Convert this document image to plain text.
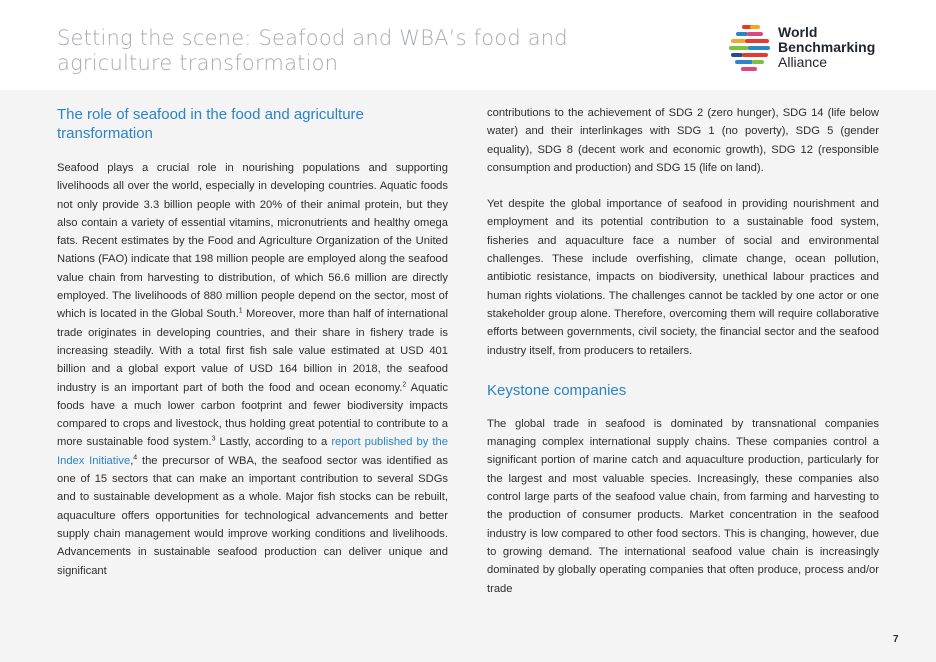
Setting the scene: Seafood and WBA’s food and
agriculture transformation
World
Benchmarking
Alliance
The role of seafood in the food and agriculture transformation

Seafood plays a crucial role in nourishing populations and supporting livelihoods all over the world, especially in developing countries. Aquatic foods not only provide 3.3 billion people with 20% of their animal protein, but they also contain a variety of essential vitamins, micronutrients and healthy omega fats. Recent estimates by the Food and Agriculture Organization of the United Nations (FAO) indicate that 198 million people are employed along the seafood value chain from harvesting to distribution, of which 56.6 million are directly employed. The livelihoods of 880 million people depend on the sector, most of which is located in the Global South.$^1$ Moreover, more than half of international trade originates in developing countries, and their share in fishery trade is increasing steadily. With a total first fish sale value estimated at USD 401 billion and a global export value of USD 164 billion in 2018, the seafood industry is an important part of both the food and ocean economy.$^2$ Aquatic foods have a much lower carbon footprint and fewer biodiversity impacts compared to crops and livestock, thus holding great potential to contribute to a more sustainable food system.$^3$ Lastly, according to a report published by the Index Initiative,$^4$ the precursor of WBA, the seafood sector was identified as one of 15 sectors that can make an important contribution to several SDGs and to sustainable development as a whole. Major fish stocks can be rebuilt, aquaculture offers opportunities for technological advancements and better supply chain management would improve working conditions and livelihoods. Advancements in sustainable seafood production can deliver unique and significant

contributions to the achievement of SDG 2 (zero hunger), SDG 14 (life below water) and their interlinkages with SDG 1 (no poverty), SDG 5 (gender equality), SDG 8 (decent work and economic growth), SDG 12 (responsible consumption and production) and SDG 15 (life on land).

Yet despite the global importance of seafood in providing nourishment and employment and its potential contribution to a sustainable food system, fisheries and aquaculture face a number of social and environmental challenges. These include overfishing, climate change, ocean pollution, antibiotic resistance, impacts on biodiversity, unethical labour practices and human rights violations. The challenges cannot be tackled by one actor or one stakeholder group alone. Therefore, overcoming them will require collaborative efforts between governments, civil society, the financial sector and the seafood industry itself, from producers to retailers.

Keystone companies

The global trade in seafood is dominated by transnational companies managing complex international supply chains. These companies control a significant portion of marine catch and aquaculture production, particularly for the largest and most valuable species. Increasingly, these companies also control large parts of the seafood value chain, from farming and harvesting to the production of consumer products. Market concentration in the seafood industry is low compared to other food sectors. This is changing, however, due to growing demand. The international seafood value chain is increasingly dominated by globally operating companies that often produce, process and/or trade

7
